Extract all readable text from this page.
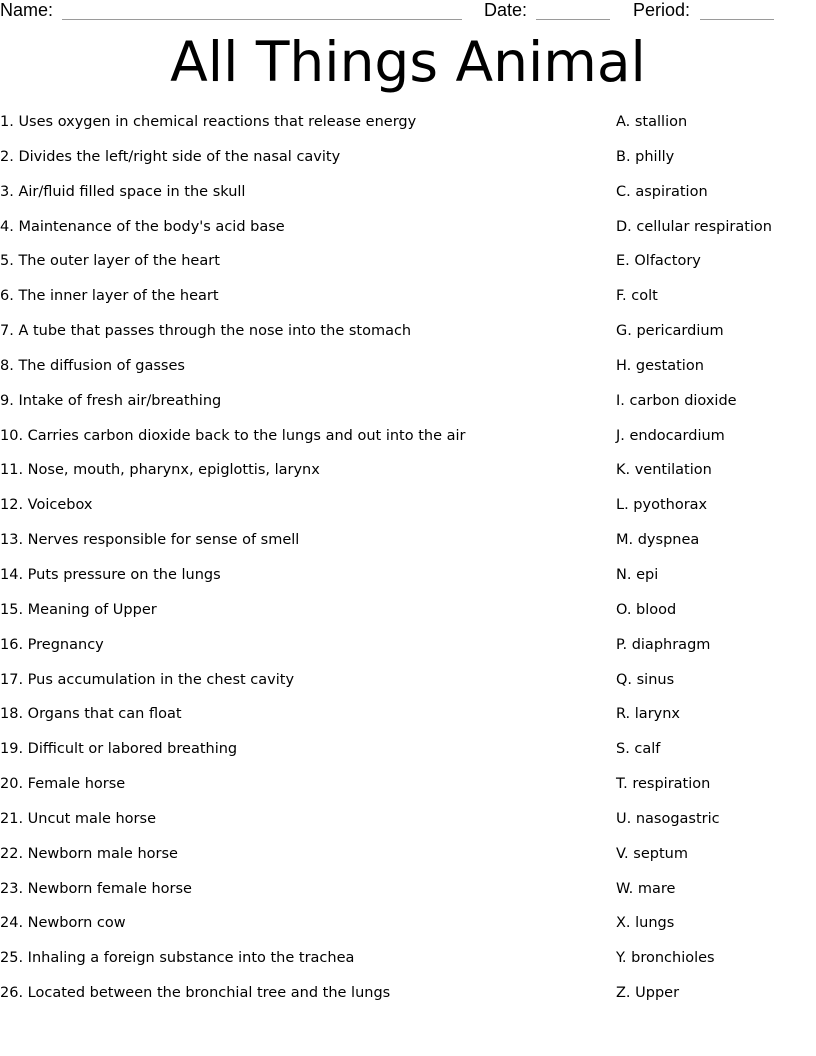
Name:	Date:	Period:
All Things Animal
1. Uses oxygen in chemical reactions that release energy
2. Divides the left/right side of the nasal cavity
3. Air/fluid filled space in the skull
4. Maintenance of the body's acid base
5. The outer layer of the heart
6. The inner layer of the heart
7. A tube that passes through the nose into the stomach
8. The diffusion of gasses
9. Intake of fresh air/breathing
10. Carries carbon dioxide back to the lungs and out into the air
11. Nose, mouth, pharynx, epiglottis, larynx
12. Voicebox
13. Nerves responsible for sense of smell
14. Puts pressure on the lungs
15. Meaning of Upper
16. Pregnancy
17. Pus accumulation in the chest cavity
18. Organs that can float
19. Difficult or labored breathing
20. Female horse
21. Uncut male horse
22. Newborn male horse
23. Newborn female horse
24. Newborn cow
25. Inhaling a foreign substance into the trachea
26. Located between the bronchial tree and the lungs
A. stallion
B. philly
C. aspiration
D. cellular respiration
E. Olfactory
F. colt
G. pericardium
H. gestation
I. carbon dioxide
J. endocardium
K. ventilation
L. pyothorax
M. dyspnea
N. epi
O. blood
P. diaphragm
Q. sinus
R. larynx
S. calf
T. respiration
U. nasogastric
V. septum
W. mare
X. lungs
Y. bronchioles
Z. Upper
